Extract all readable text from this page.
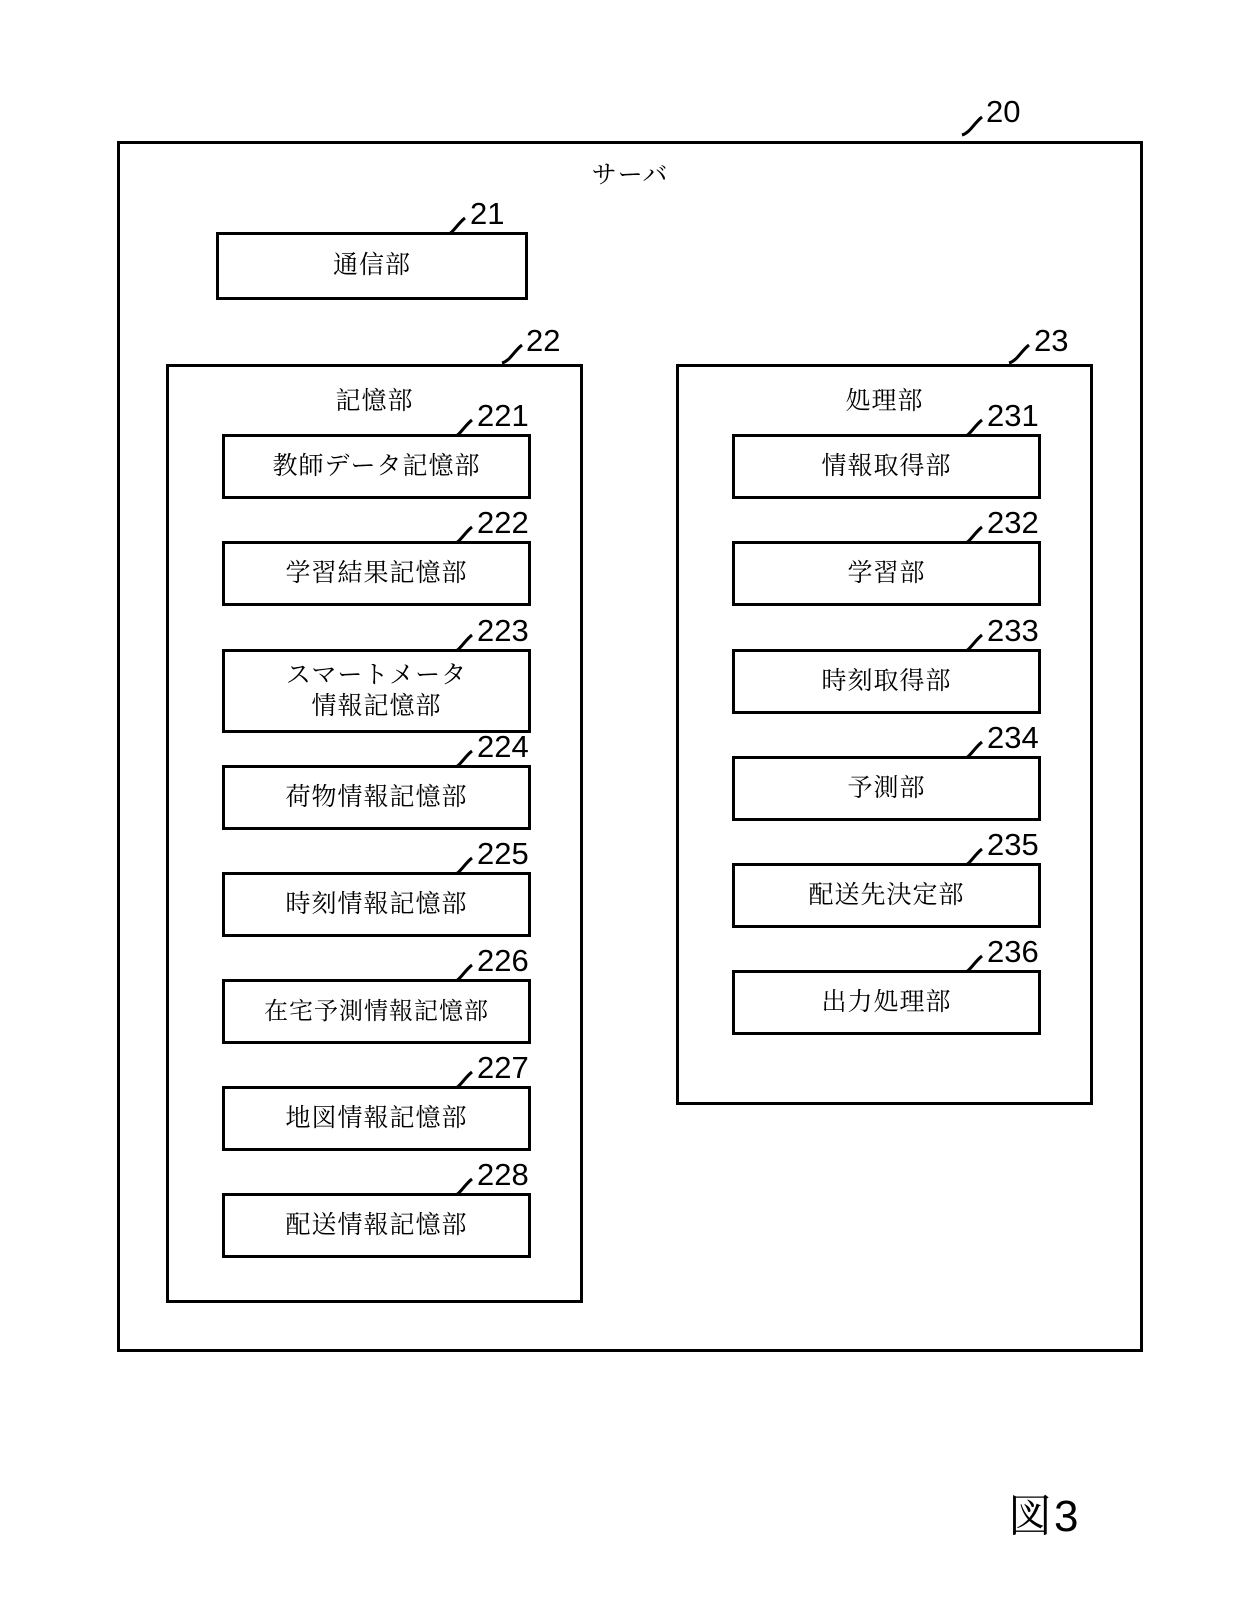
20
サーバ
21
通信部
22
記憶部	221
教師データ記憶部
222
学習結果記憶部
223
スマートメータ
情報記憶部
224
荷物情報記憶部
225
時刻情報記憶部
226
在宅予測情報記憶部
227
地図情報記憶部
228
配送情報記憶部
23
処理部	231
情報取得部
232
学習部
233
時刻取得部
234
予測部
235
配送先決定部
236
出力処理部
図3
